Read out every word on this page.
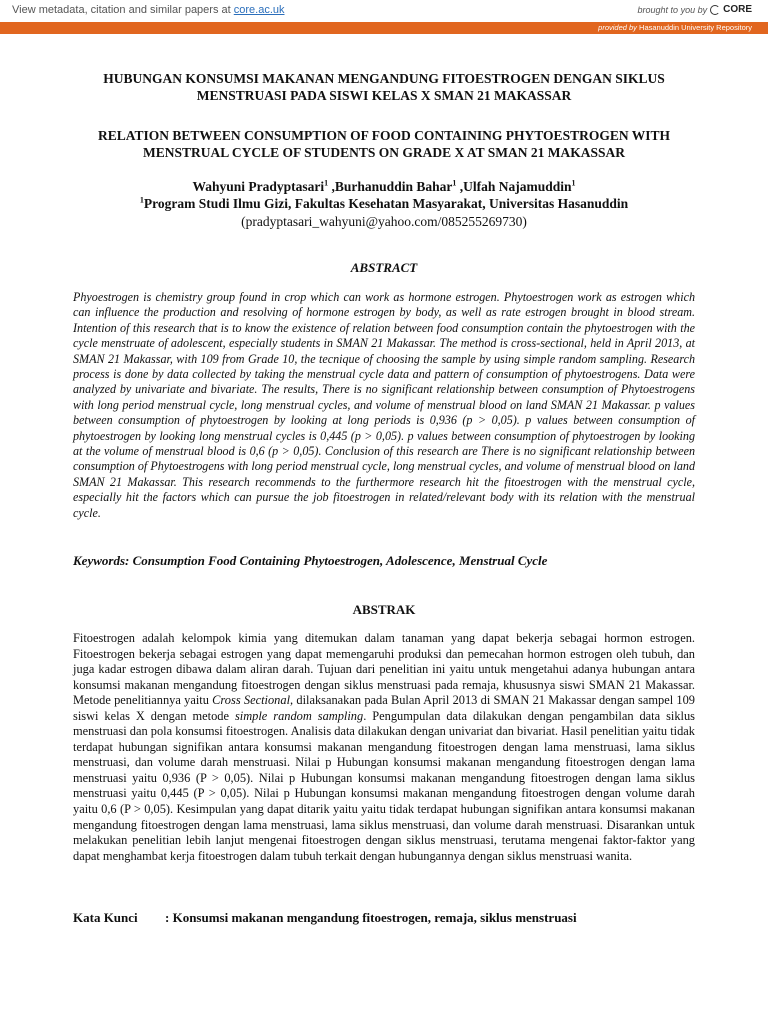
View metadata, citation and similar papers at core.ac.uk	brought to you by CORE
provided by Hasanuddin University Repository
HUBUNGAN KONSUMSI MAKANAN MENGANDUNG FITOESTROGEN DENGAN SIKLUS MENSTRUASI PADA SISWI KELAS X SMAN 21 MAKASSAR
RELATION BETWEEN CONSUMPTION OF FOOD CONTAINING PHYTOESTROGEN WITH MENSTRUAL CYCLE OF STUDENTS ON GRADE X AT SMAN 21 MAKASSAR
Wahyuni Pradyptasari$^1$ ,Burhanuddin Bahar$^1$ ,Ulfah Najamuddin$^1$
$^1$Program Studi Ilmu Gizi, Fakultas Kesehatan Masyarakat, Universitas Hasanuddin
(pradyptasari_wahyuni@yahoo.com/085255269730)
ABSTRACT
Phyoestrogen is chemistry group found in crop which can work as hormone estrogen. Phytoestrogen work as estrogen which can influence the production and resolving of hormone estrogen by body, as well as rate estrogen brought in blood stream. Intention of this research that is to know the existence of relation between food consumption contain the phytoestrogen with the cycle menstruate of adolescent, especially students in SMAN 21 Makassar. The method is cross-sectional, held in April 2013, at SMAN 21 Makassar, with 109 from Grade 10, the tecnique of choosing the sample by using simple random sampling. Research process is done by data collected by taking the menstrual cycle data and pattern of consumption of phytoestrogens. Data were analyzed by univariate and bivariate. The results, There is no significant relationship between consumption of Phytoestrogens with long period menstrual cycle, long menstrual cycles, and volume of menstrual blood on land SMAN 21 Makassar. p values between consumption of phytoestrogen by looking at long periods is 0,936 (p > 0,05). p values between consumption of phytoestrogen by looking long menstrual cycles is 0,445 (p > 0,05). p values between consumption of phytoestrogen by looking at the volume of menstrual blood is 0,6 (p > 0,05). Conclusion of this research are There is no significant relationship between consumption of Phytoestrogens with long period menstrual cycle, long menstrual cycles, and volume of menstrual blood on land SMAN 21 Makassar. This research recommends to the furthermore research hit the fitoestrogen with the menstrual cycle, especially hit the factors which can pursue the job fitoestrogen in related/relevant body with its relation with the menstrual cycle.
Keywords: Consumption Food Containing Phytoestrogen, Adolescence, Menstrual Cycle
ABSTRAK
Fitoestrogen adalah kelompok kimia yang ditemukan dalam tanaman yang dapat bekerja sebagai hormon estrogen. Fitoestrogen bekerja sebagai estrogen yang dapat memengaruhi produksi dan pemecahan hormon estrogen oleh tubuh, dan juga kadar estrogen dibawa dalam aliran darah. Tujuan dari penelitian ini yaitu untuk mengetahui adanya hubungan antara konsumsi makanan mengandung fitoestrogen dengan siklus menstruasi pada remaja, khususnya siswi SMAN 21 Makassar. Metode penelitiannya yaitu Cross Sectional, dilaksanakan pada Bulan April 2013 di SMAN 21 Makassar dengan sampel 109 siswi kelas X dengan metode simple random sampling. Pengumpulan data dilakukan dengan pengambilan data siklus menstruasi dan pola konsumsi fitoestrogen. Analisis data dilakukan dengan univariat dan bivariat. Hasil penelitian yaitu tidak terdapat hubungan signifikan antara konsumsi makanan mengandung fitoestrogen dengan lama menstruasi, lama siklus menstruasi, dan volume darah menstruasi. Nilai p Hubungan konsumsi makanan mengandung fitoestrogen dengan lama menstruasi yaitu 0,936 (P > 0,05). Nilai p Hubungan konsumsi makanan mengandung fitoestrogen dengan lama siklus menstruasi yaitu 0,445 (P > 0,05). Nilai p Hubungan konsumsi makanan mengandung fitoestrogen dengan volume darah yaitu 0,6 (P > 0,05). Kesimpulan yang dapat ditarik yaitu yaitu tidak terdapat hubungan signifikan antara konsumsi makanan mengandung fitoestrogen dengan lama menstruasi, lama siklus menstruasi, dan volume darah menstruasi. Disarankan untuk melakukan penelitian lebih lanjut mengenai fitoestrogen dengan siklus menstruasi, terutama mengenai faktor-faktor yang dapat menghambat kerja fitoestrogen dalam tubuh terkait dengan hubungannya dengan siklus menstruasi wanita.
Kata Kunci : Konsumsi makanan mengandung fitoestrogen, remaja, siklus menstruasi
